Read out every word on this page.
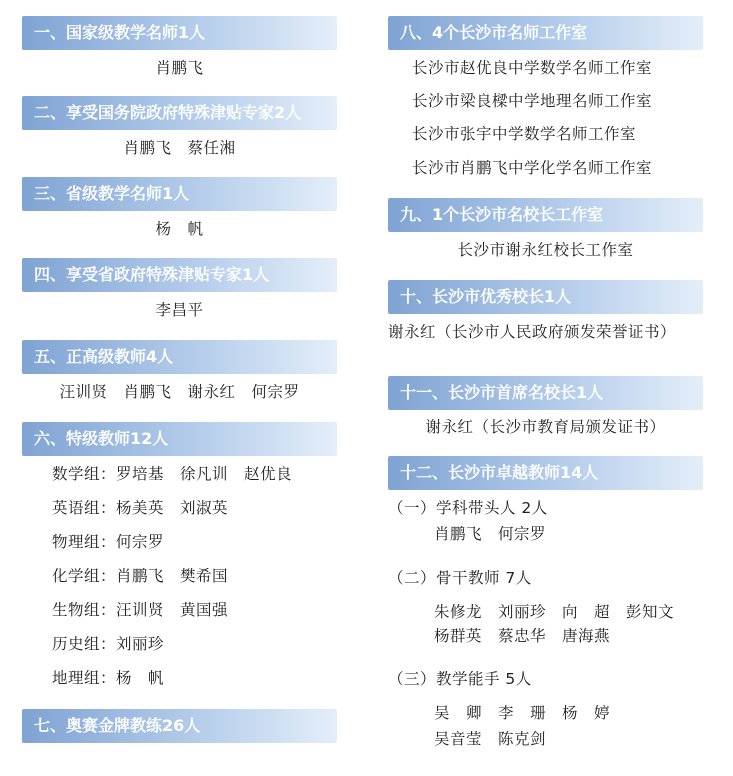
一、国家级教学名师1人
肖鹏飞
二、享受国务院政府特殊津贴专家2人
肖鹏飞　蔡任湘
三、省级教学名师1人
杨　帆
四、享受省政府特殊津贴专家1人
李昌平
五、正高级教师4人
汪训贤　肖鹏飞　谢永红　何宗罗
六、特级教师12人
数学组：罗培基　徐凡训　赵优良
英语组：杨美英　刘淑英
物理组：何宗罗
化学组：肖鹏飞　樊希国
生物组：汪训贤　黄国强
历史组：刘丽珍
地理组：杨　帆
七、奥赛金牌教练26人
八、4个长沙市名师工作室
长沙市赵优良中学数学名师工作室
长沙市梁良樑中学地理名师工作室
长沙市张宇中学数学名师工作室
长沙市肖鹏飞中学化学名师工作室
九、1个长沙市名校长工作室
长沙市谢永红校长工作室
十、长沙市优秀校长1人
谢永红（长沙市人民政府颁发荣誉证书）
十一、长沙市首席名校长1人
谢永红（长沙市教育局颁发证书）
十二、长沙市卓越教师14人
（一）学科带头人 2人
肖鹏飞　何宗罗
（二）骨干教师 7人
朱修龙　刘丽珍　向　超　彭知文
杨群英　蔡忠华　唐海燕
（三）教学能手 5人
吴　卿　李　珊　杨　婷
吴音莹　陈克剑
